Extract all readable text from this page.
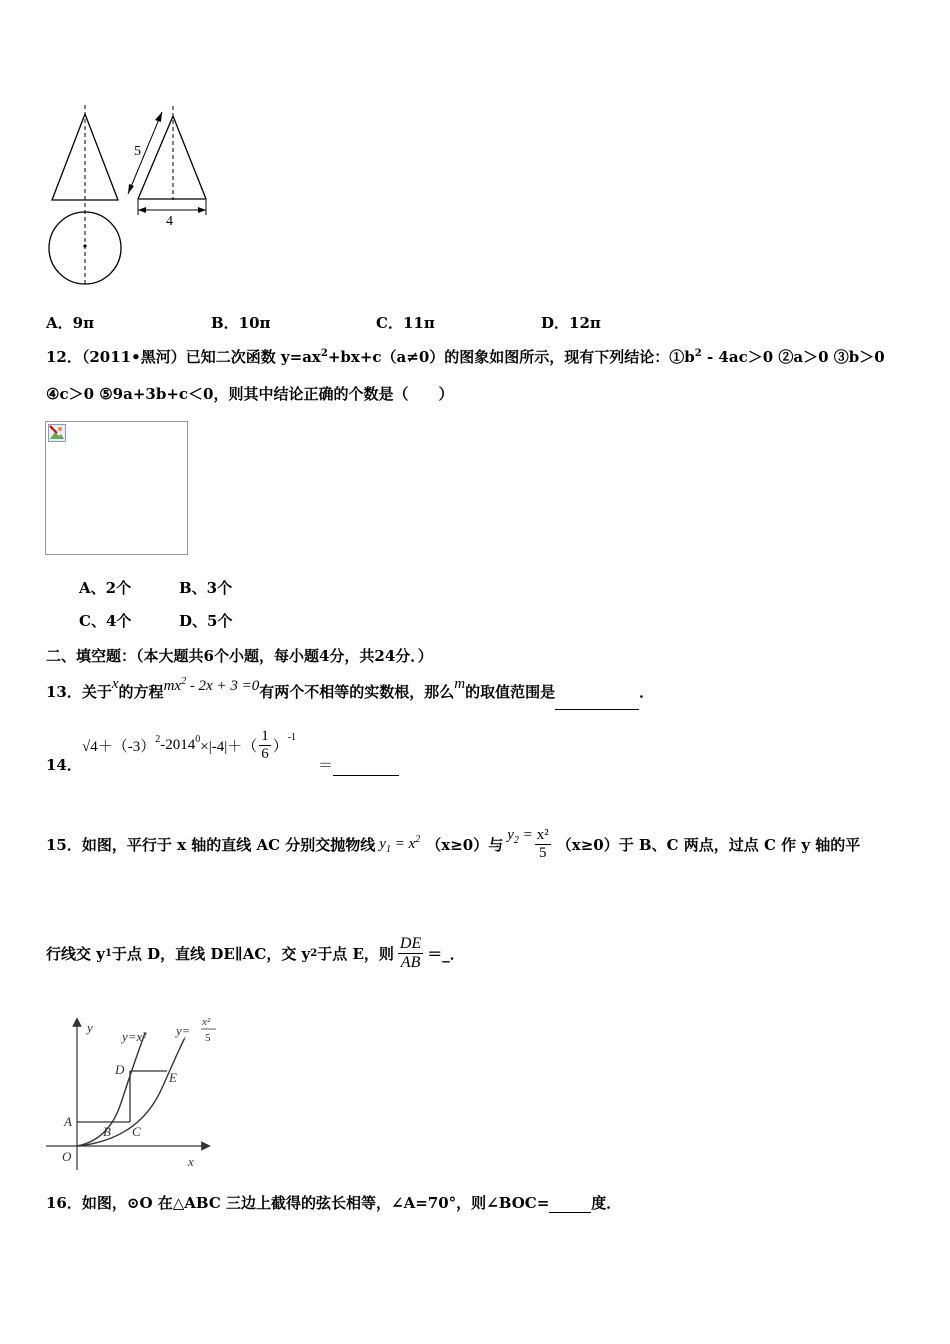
5
4
A．9π	B．10π	C．11π	D．12π
12．（2011•黑河）已知二次函数 $y=ax^2+bx+c(a\ne 0)$的图象如图所示，现有下列结论：$①b^2 - 4ac>0$ ②a＞0 ③b＞0
④c＞0 ⑤9a+3b+c＜0，则其中结论正确的个数是（　　）
A、2个	B、3个
C、4个	D、5个
二、填空题：（本大题共6个小题，每小题4分，共24分．）
13．关于x的方程$mx^2 - 2x + 3 =0$有两个不相等的实数根，那么m的取值范围是	．
14．
$√4+(-3)^2$ $-2014^0 \times|-4|+( \frac{1}{6}$ ）
$^{-1}$
＝
15．如图，平行于 x 轴的直线 AC 分别交抛物线 $y_1 = x^2$ （x≥0）与
$y_2 = \frac{\text{x²}}{5} (x\ge 0)$于 B、C 两点，过点 C 作 y 轴的平
行线交 y 1 于点 D，直线 DE∥AC，交 y 2 于点 E，则 $\frac{DE}{AB}$ ＝_．
y
x
O
A
B C
D
E
y=x² y=
x²
5
16．如图，⊙O 在△ABC 三边上截得的弦长相等，∠A=70°，则∠BOC=	度．
